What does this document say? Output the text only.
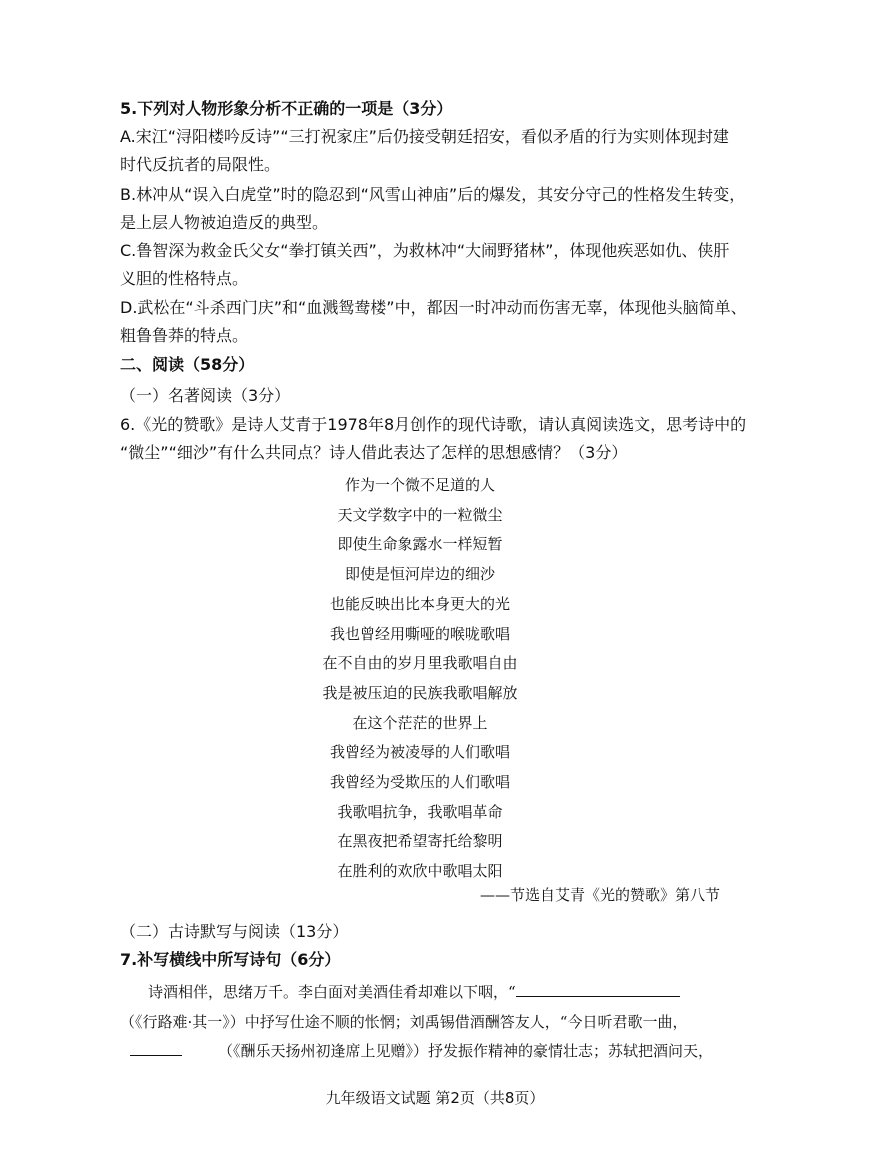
5.下列对人物形象分析不正确的一项是（3分）
A.宋江“浔阳楼吟反诗”“三打祝家庄”后仍接受朝廷招安，看似矛盾的行为实则体现封建
时代反抗者的局限性。
B.林冲从“误入白虎堂”时的隐忍到“风雪山神庙”后的爆发，其安分守己的性格发生转变，
是上层人物被迫造反的典型。
C.鲁智深为救金氏父女“拳打镇关西”，为救林冲“大闹野猪林”，体现他疾恶如仇、侠肝
义胆的性格特点。
D.武松在“斗杀西门庆”和“血溅鸳鸯楼”中，都因一时冲动而伤害无辜，体现他头脑简单、
粗鲁鲁莽的特点。
二、阅读（58分）
（一）名著阅读（3分）
6.《光的赞歌》是诗人艾青于1978年8月创作的现代诗歌，请认真阅读选文，思考诗中的
“微尘”“细沙”有什么共同点？诗人借此表达了怎样的思想感情？（3分）
作为一个微不足道的人
天文学数字中的一粒微尘
即使生命象露水一样短暂
即使是恒河岸边的细沙
也能反映出比本身更大的光
我也曾经用嘶哑的喉咙歌唱
在不自由的岁月里我歌唱自由
我是被压迫的民族我歌唱解放
在这个茫茫的世界上
我曾经为被凌辱的人们歌唱
我曾经为受欺压的人们歌唱
我歌唱抗争，我歌唱革命
在黑夜把希望寄托给黎明
在胜利的欢欣中歌唱太阳
——节选自艾青《光的赞歌》第八节
（二）古诗默写与阅读（13分）
7.补写横线中所写诗句（6分）
诗酒相伴，思绪万千。李白面对美酒佳肴却难以下咽，“
（《行路难·其一》）中抒写仕途不顺的怅惘；刘禹锡借酒酬答友人，“今日听君歌一曲，
（《酬乐天扬州初逢席上见赠》）抒发振作精神的豪情壮志；苏轼把酒问天，
九年级语文试题 第2页（共8页）
